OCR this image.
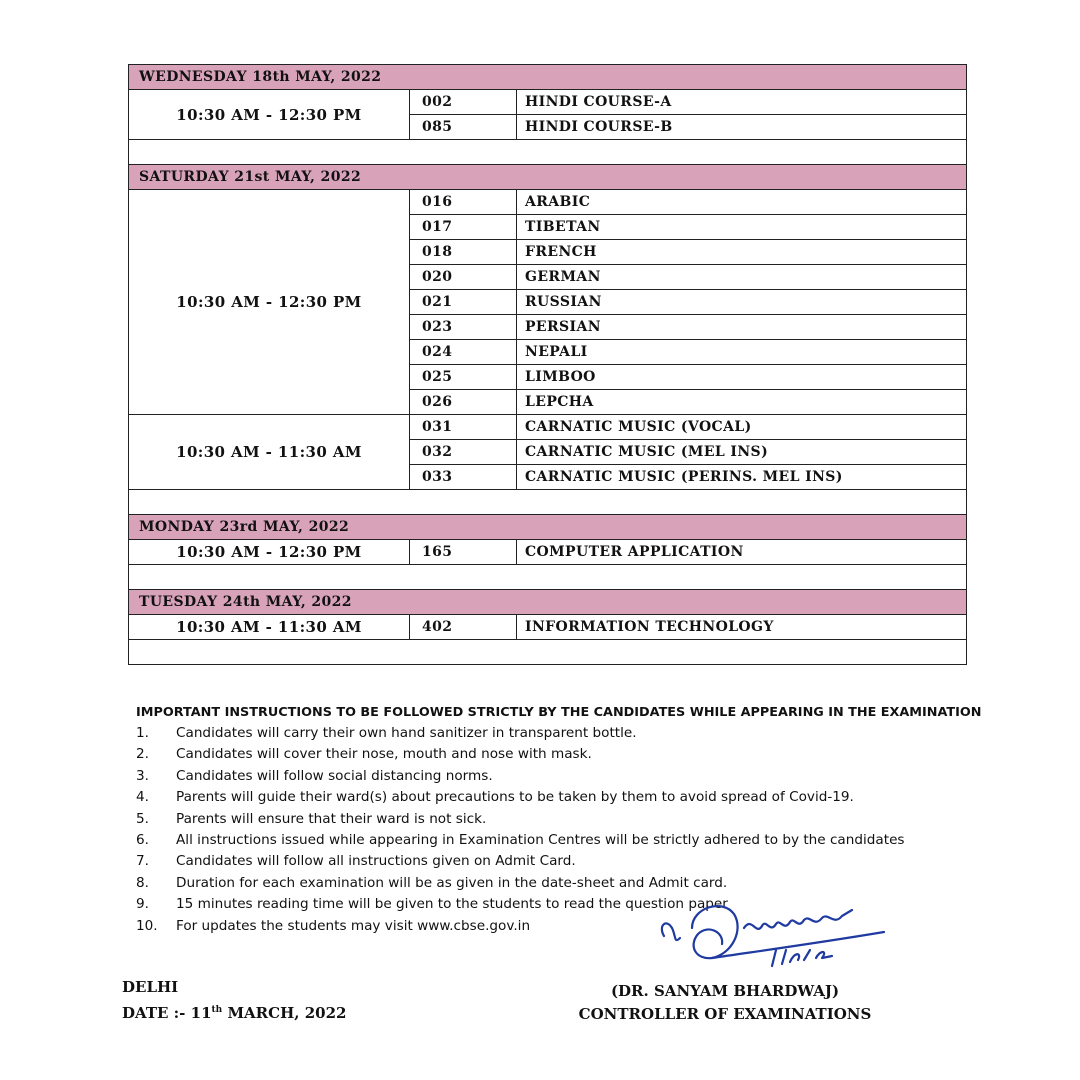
WEDNESDAY 18th MAY, 2022		
10:30 AM - 12:30 PM	002	HINDI COURSE-A
	085	HINDI COURSE-B

SATURDAY 21st MAY, 2022		
10:30 AM - 12:30 PM	016	ARABIC
	017	TIBETAN
	018	FRENCH
	020	GERMAN
	021	RUSSIAN
	023	PERSIAN
	024	NEPALI
	025	LIMBOO
	026	LEPCHA
10:30 AM - 11:30 AM	031	CARNATIC MUSIC (VOCAL)
	032	CARNATIC MUSIC (MEL INS)
	033	CARNATIC MUSIC (PERINS. MEL INS)

MONDAY 23rd MAY, 2022		
10:30 AM - 12:30 PM	165	COMPUTER APPLICATION

TUESDAY 24th MAY, 2022		
10:30 AM - 11:30 AM	402	INFORMATION TECHNOLOGY

IMPORTANT INSTRUCTIONS TO BE FOLLOWED STRICTLY BY THE CANDIDATES WHILE APPEARING IN THE EXAMINATION
1.	Candidates will carry their own hand sanitizer in transparent bottle.
2.	Candidates will cover their nose, mouth and nose with mask.
3.	Candidates will follow social distancing norms.
4.	Parents will guide their ward(s) about precautions to be taken by them to avoid spread of Covid-19.
5.	Parents will ensure that their ward is not sick.
6.	All instructions issued while appearing in Examination Centres will be strictly adhered to by the candidates
7.	Candidates will follow all instructions given on Admit Card.
8.	Duration for each examination will be as given in the date-sheet and Admit card.
9.	15 minutes reading time will be given to the students to read the question paper
10.	For updates the students may visit www.cbse.gov.in
DELHI
DATE :- 11th MARCH, 2022
(DR. SANYAM BHARDWAJ)
CONTROLLER OF EXAMINATIONS
